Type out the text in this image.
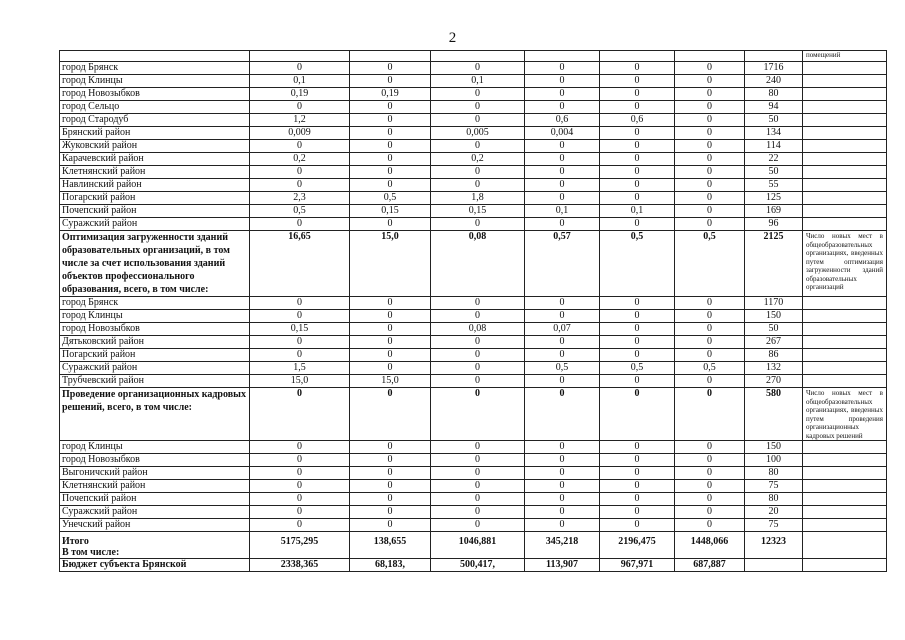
2
								помещений
город Брянск	0	0	0	0	0	0	1716	
город Клинцы	0,1	0	0,1	0	0	0	240	
город Новозыбков	0,19	0,19	0	0	0	0	80	
город Сельцо	0	0	0	0	0	0	94	
город Стародуб	1,2	0	0	0,6	0,6	0	50	
Брянский район	0,009	0	0,005	0,004	0	0	134	
Жуковский район	0	0	0	0	0	0	114	
Карачевский район	0,2	0	0,2	0	0	0	22	
Клетнянский район	0	0	0	0	0	0	50	
Навлинский район	0	0	0	0	0	0	55	
Погарский район	2,3	0,5	1,8	0	0	0	125	
Почепский район	0,5	0,15	0,15	0,1	0,1	0	169	
Суражский район	0	0	0	0	0	0	96	
Оптимизация загруженности зданий образовательных организаций, в том числе за счет использования зданий объектов профессионального образования, всего, в том числе:	16,65	15,0	0,08	0,57	0,5	0,5	2125	Число новых мест в общеобразовательных организациях, введенных путем оптимизация загруженности зданий образовательных организаций
город Брянск	0	0	0	0	0	0	1170	
город Клинцы	0	0	0	0	0	0	150	
город Новозыбков	0,15	0	0,08	0,07	0	0	50	
Дятьковский район	0	0	0	0	0	0	267	
Погарский район	0	0	0	0	0	0	86	
Суражский район	1,5	0	0	0,5	0,5	0,5	132	
Трубчевский район	15,0	15,0	0	0	0	0	270	
Проведение организационных кадровых решений, всего, в том числе:	0	0	0	0	0	0	580	Число новых мест в общеобразовательных организациях, введенных путем проведения организационных кадровых решений
город Клинцы	0	0	0	0	0	0	150	
город Новозыбков	0	0	0	0	0	0	100	
Выгоничский район	0	0	0	0	0	0	80	
Клетнянский район	0	0	0	0	0	0	75	
Почепский район	0	0	0	0	0	0	80	
Суражский район	0	0	0	0	0	0	20	
Унечский район	0	0	0	0	0	0	75	

Итого
В том числе:	5175,295	138,655	1046,881	345,218	2196,475	1448,066	12323	
Бюджет субъекта Брянской	2338,365	68,183,	500,417,	113,907	967,971	687,887		
